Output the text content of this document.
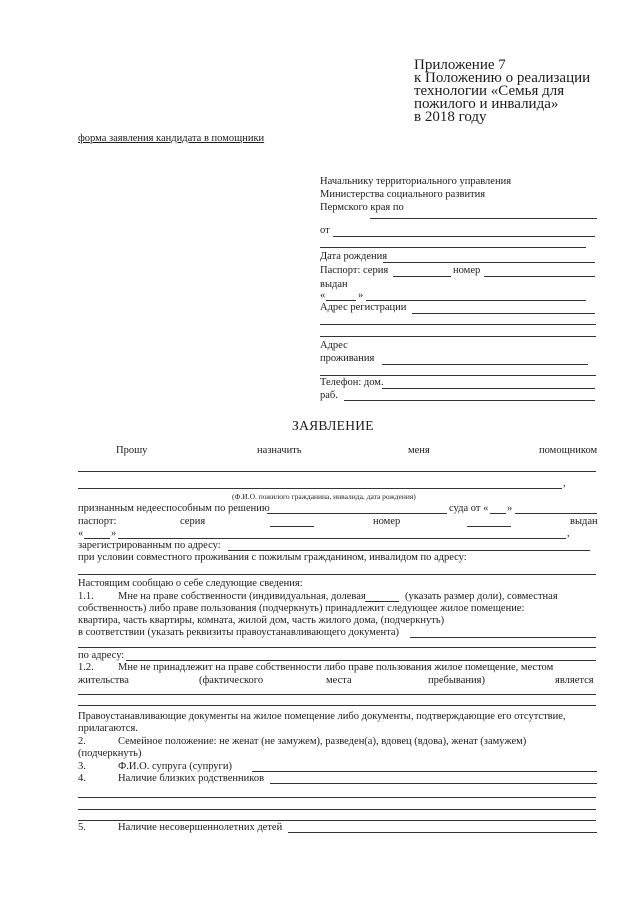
Приложение 7
к Положению о реализации
технологии «Семья для
пожилого и инвалида»
в 2018 году
форма заявления кандидата в помощники
Начальнику территориального управления
Министерства социального развития
Пермского края по
от
Дата рождения
Паспорт: серия	номер
выдан
«	»
Адрес регистрации
Адрес
проживания
Телефон: дом.
раб.
ЗАЯВЛЕНИЕ
Прошу	назначить	меня	помощником
,
(Ф.И.О. пожилого гражданина, инвалида, дата рождения)
признанным недееспособным по решению	суда от « »
паспорт:	серия	номер	выдан
«	»	,
зарегистрированным по адресу:
при условии совместного проживания с пожилым гражданином, инвалидом по адресу:
Настоящим сообщаю о себе следующие сведения:
1.1. Мне на праве собственности (индивидуальная, долевая	(указать размер доли), совместная
собственность) либо праве пользования (подчеркнуть) принадлежит следующее жилое помещение:
квартира, часть квартиры, комната, жилой дом, часть жилого дома, (подчеркнуть)
в соответствии (указать реквизиты правоустанавливающего документа)
по адресу:
1.2. Мне не принадлежит на праве собственности либо праве пользования жилое помещение, местом
жительства	(фактического	места	пребывания)	является
Правоустанавливающие документы на жилое помещение либо документы, подтверждающие его отсутствие,
прилагаются.
2.	Семейное положение: не женат (не замужем), разведен(а), вдовец (вдова), женат (замужем)
(подчеркнуть)
3.	Ф.И.О. супруга (супруги)
4.	Наличие близких родственников
5.	Наличие несовершеннолетних детей
